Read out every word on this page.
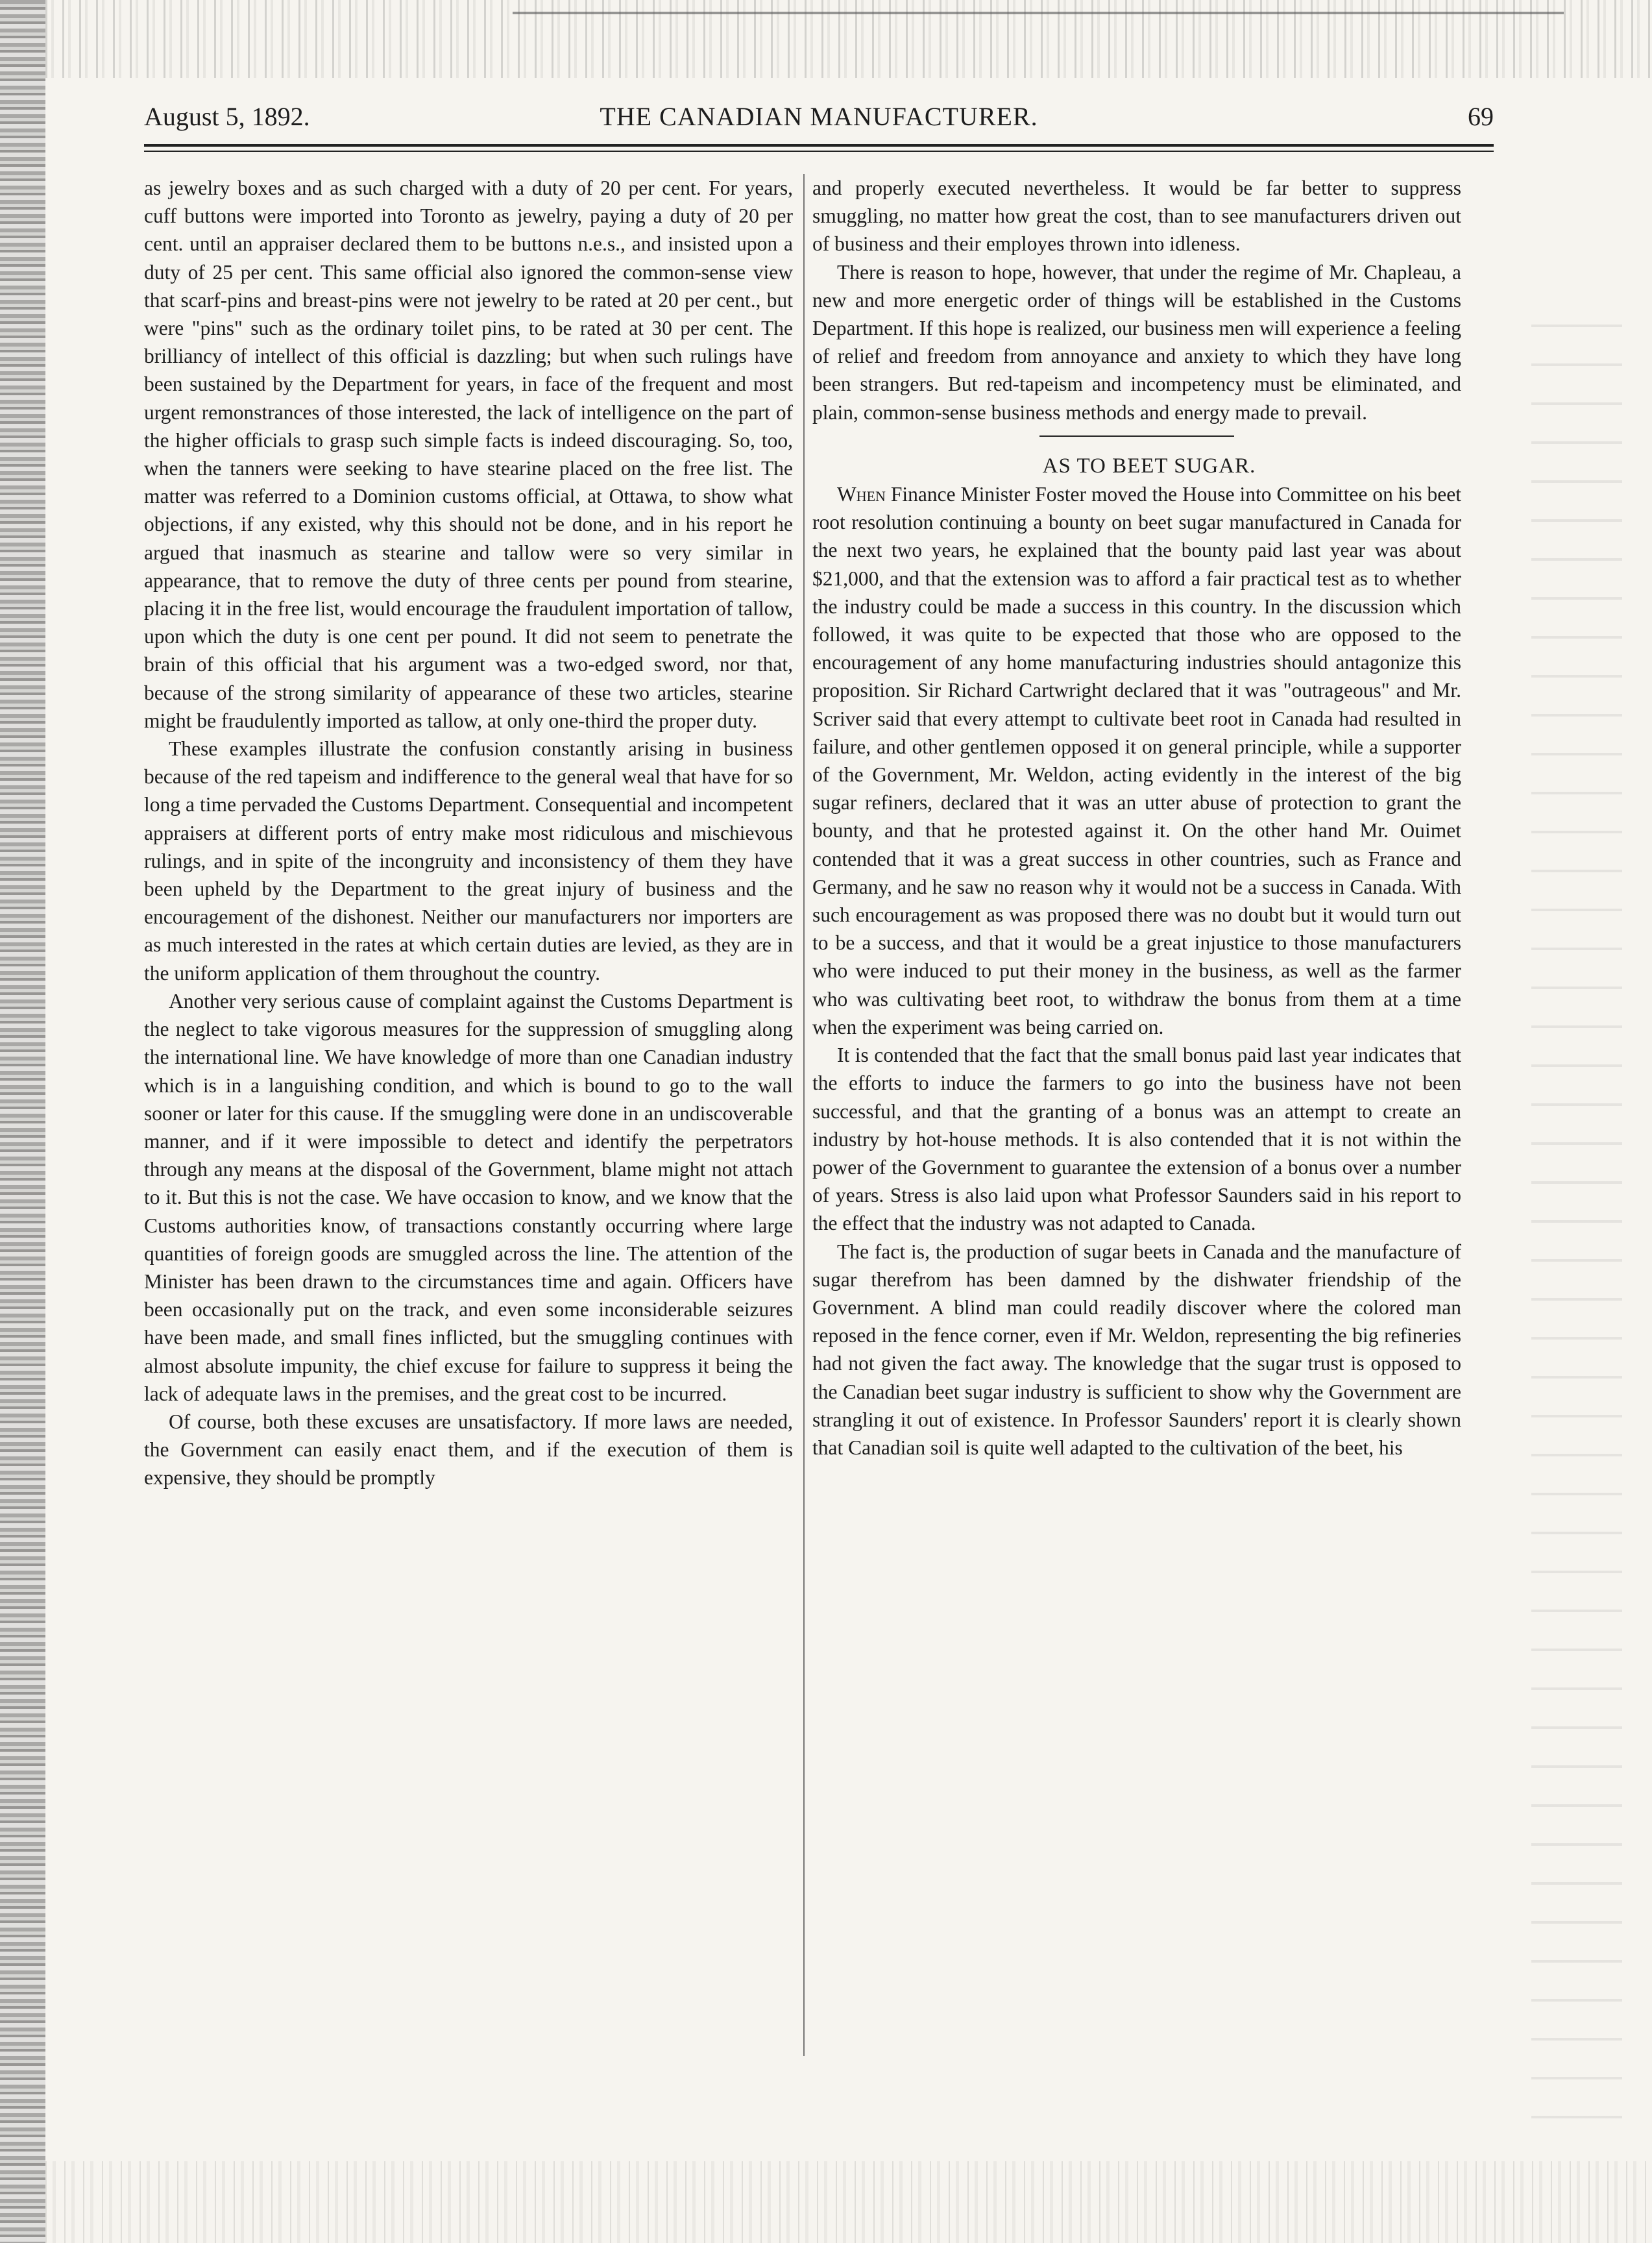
THE CANADIAN MANUFACTURER.
August 5, 1892.	69

as jewelry boxes and as such charged with a duty of 20 per cent. For years, cuff buttons were imported into Toronto as jewelry, paying a duty of 20 per cent. until an appraiser declared them to be buttons n.e.s., and insisted upon a duty of 25 per cent. This same official also ignored the common-sense view that scarf-pins and breast-pins were not jewelry to be rated at 20 per cent., but were "pins" such as the ordinary toilet pins, to be rated at 30 per cent. The brilliancy of intellect of this official is dazzling; but when such rulings have been sustained by the Department for years, in face of the frequent and most urgent remonstrances of those interested, the lack of intelligence on the part of the higher officials to grasp such simple facts is indeed discouraging. So, too, when the tanners were seeking to have stearine placed on the free list. The matter was referred to a Dominion customs official, at Ottawa, to show what objections, if any existed, why this should not be done, and in his report he argued that inasmuch as stearine and tallow were so very similar in appearance, that to remove the duty of three cents per pound from stearine, placing it in the free list, would encourage the fraudulent importation of tallow, upon which the duty is one cent per pound. It did not seem to penetrate the brain of this official that his argument was a two-edged sword, nor that, because of the strong similarity of appearance of these two articles, stearine might be fraudulently imported as tallow, at only one-third the proper duty.

These examples illustrate the confusion constantly arising in business because of the red tapeism and indifference to the general weal that have for so long a time pervaded the Customs Department. Consequential and incompetent appraisers at different ports of entry make most ridiculous and mischievous rulings, and in spite of the incongruity and inconsistency of them they have been upheld by the Department to the great injury of business and the encouragement of the dishonest. Neither our manufacturers nor importers are as much interested in the rates at which certain duties are levied, as they are in the uniform application of them throughout the country.

Another very serious cause of complaint against the Customs Department is the neglect to take vigorous measures for the suppression of smuggling along the international line. We have knowledge of more than one Canadian industry which is in a languishing condition, and which is bound to go to the wall sooner or later for this cause. If the smuggling were done in an undiscoverable manner, and if it were impossible to detect and identify the perpetrators through any means at the disposal of the Government, blame might not attach to it. But this is not the case. We have occasion to know, and we know that the Customs authorities know, of transactions constantly occurring where large quantities of foreign goods are smuggled across the line. The attention of the Minister has been drawn to the circumstances time and again. Officers have been occasionally put on the track, and even some inconsiderable seizures have been made, and small fines inflicted, but the smuggling continues with almost absolute impunity, the chief excuse for failure to suppress it being the lack of adequate laws in the premises, and the great cost to be incurred.

Of course, both these excuses are unsatisfactory. If more laws are needed, the Government can easily enact them, and if the execution of them is expensive, they should be promptly

and properly executed nevertheless. It would be far better to suppress smuggling, no matter how great the cost, than to see manufacturers driven out of business and their employes thrown into idleness.

There is reason to hope, however, that under the regime of Mr. Chapleau, a new and more energetic order of things will be established in the Customs Department. If this hope is realized, our business men will experience a feeling of relief and freedom from annoyance and anxiety to which they have long been strangers. But red-tapeism and incompetency must be eliminated, and plain, common-sense business methods and energy made to prevail.

AS TO BEET SUGAR.

When Finance Minister Foster moved the House into Committee on his beet root resolution continuing a bounty on beet sugar manufactured in Canada for the next two years, he explained that the bounty paid last year was about $21,000, and that the extension was to afford a fair practical test as to whether the industry could be made a success in this country. In the discussion which followed, it was quite to be expected that those who are opposed to the encouragement of any home manufacturing industries should antagonize this proposition. Sir Richard Cartwright declared that it was "outrageous" and Mr. Scriver said that every attempt to cultivate beet root in Canada had resulted in failure, and other gentlemen opposed it on general principle, while a supporter of the Government, Mr. Weldon, acting evidently in the interest of the big sugar refiners, declared that it was an utter abuse of protection to grant the bounty, and that he protested against it. On the other hand Mr. Ouimet contended that it was a great success in other countries, such as France and Germany, and he saw no reason why it would not be a success in Canada. With such encouragement as was proposed there was no doubt but it would turn out to be a success, and that it would be a great injustice to those manufacturers who were induced to put their money in the business, as well as the farmer who was cultivating beet root, to withdraw the bonus from them at a time when the experiment was being carried on.

It is contended that the fact that the small bonus paid last year indicates that the efforts to induce the farmers to go into the business have not been successful, and that the granting of a bonus was an attempt to create an industry by hot-house methods. It is also contended that it is not within the power of the Government to guarantee the extension of a bonus over a number of years. Stress is also laid upon what Professor Saunders said in his report to the effect that the industry was not adapted to Canada.

The fact is, the production of sugar beets in Canada and the manufacture of sugar therefrom has been damned by the dishwater friendship of the Government. A blind man could readily discover where the colored man reposed in the fence corner, even if Mr. Weldon, representing the big refineries had not given the fact away. The knowledge that the sugar trust is opposed to the Canadian beet sugar industry is sufficient to show why the Government are strangling it out of existence. In Professor Saunders' report it is clearly shown that Canadian soil is quite well adapted to the cultivation of the beet, his
